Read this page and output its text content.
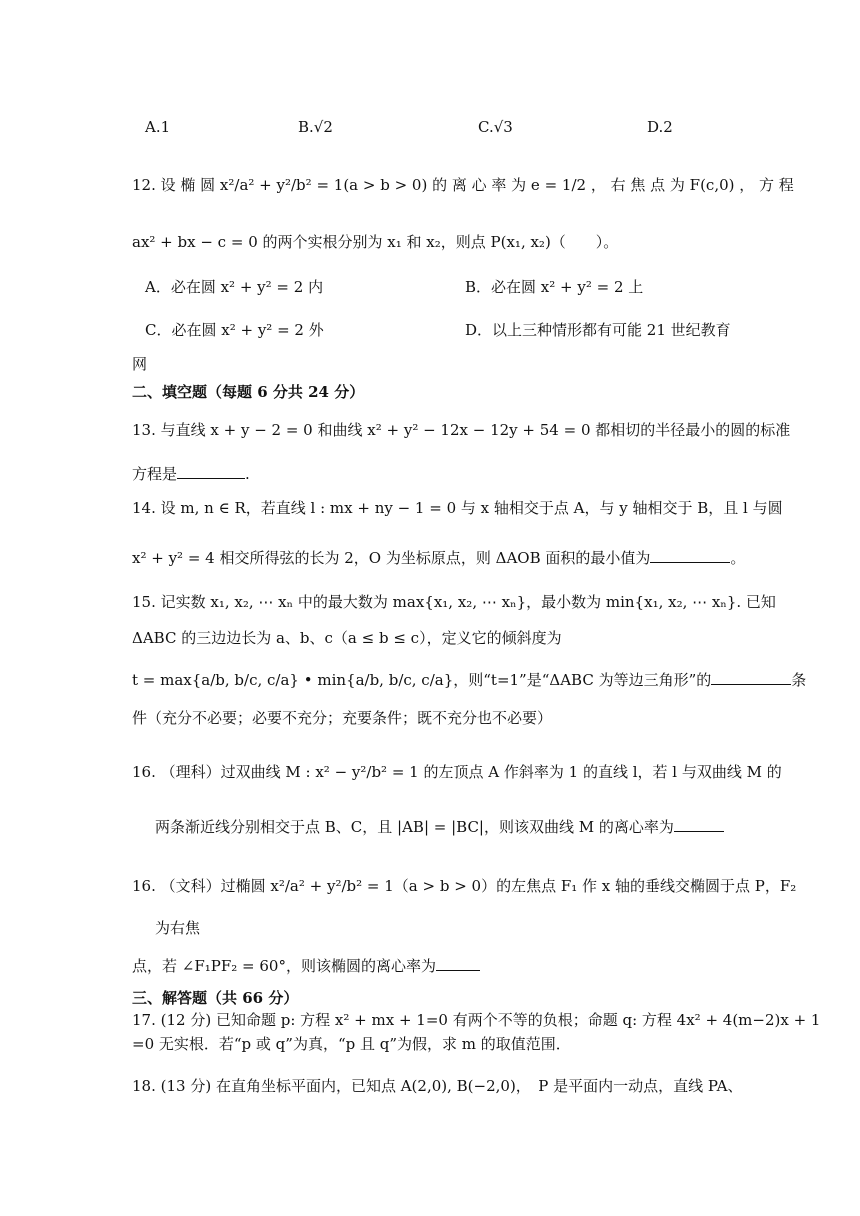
A.1	B.√2	C.√3	D.2
12. 设 椭 圆 x²/a² + y²/b² = 1(a > b > 0) 的 离 心 率 为 e = 1/2 ， 右 焦 点 为 F(c,0) ， 方 程
ax² + bx − c = 0 的两个实根分别为 x₁ 和 x₂，则点 P(x₁, x₂)（　　）。
A．必在圆 x² + y² = 2 内	B．必在圆 x² + y² = 2 上
C．必在圆 x² + y² = 2 外	D．以上三种情形都有可能 21 世纪教育
网
二、填空题（每题 6 分共 24 分）
13. 与直线 x + y − 2 = 0 和曲线 x² + y² − 12x − 12y + 54 = 0 都相切的半径最小的圆的标准
方程是	.
14. 设 m, n ∈ R，若直线 l : mx + ny − 1 = 0 与 x 轴相交于点 A，与 y 轴相交于 B，且 l 与圆
x² + y² = 4 相交所得弦的长为 2，O 为坐标原点，则 ΔAOB 面积的最小值为	。
15. 记实数 x₁, x₂, ⋯ xₙ 中的最大数为 max{x₁, x₂, ⋯ xₙ}，最小数为 min{x₁, x₂, ⋯ xₙ}. 已知
ΔABC 的三边边长为 a、b、c（a ≤ b ≤ c），定义它的倾斜度为
t = max{a/b, b/c, c/a} • min{a/b, b/c, c/a}，则“t=1”是“ΔABC 为等边三角形”的	条
件（充分不必要；必要不充分；充要条件；既不充分也不必要）
16. （理科）过双曲线 M : x² − y²/b² = 1 的左顶点 A 作斜率为 1 的直线 l，若 l 与双曲线 M 的
两条渐近线分别相交于点 B、C，且 |AB| = |BC|，则该双曲线 M 的离心率为
16. （文科）过椭圆 x²/a² + y²/b² = 1（a > b > 0）的左焦点 F₁ 作 x 轴的垂线交椭圆于点 P，F₂
为右焦
点，若 ∠F₁PF₂ = 60°，则该椭圆的离心率为
三、解答题（共 66 分）
17. (12 分) 已知命题 p: 方程 x² + mx + 1=0 有两个不等的负根；命题 q: 方程 4x² + 4(m−2)x + 1
=0 无实根．若“p 或 q”为真，“p 且 q”为假，求 m 的取值范围．
18. (13 分) 在直角坐标平面内，已知点 A(2,0), B(−2,0)，　P 是平面内一动点，直线 PA、
